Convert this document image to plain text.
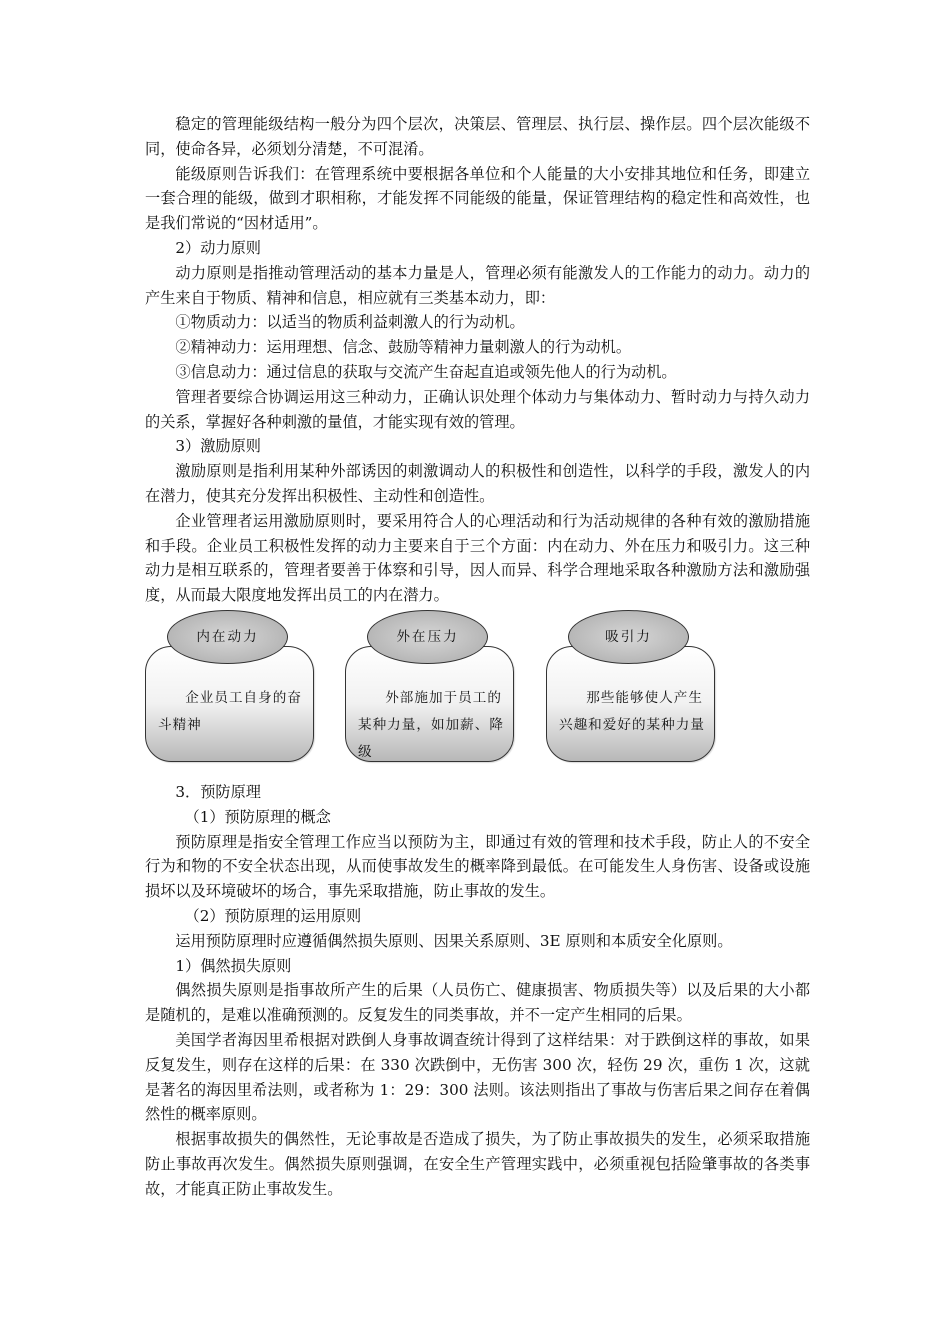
稳定的管理能级结构一般分为四个层次，决策层、管理层、执行层、操作层。四个层次能级不同，使命各异，必须划分清楚，不可混淆。

能级原则告诉我们：在管理系统中要根据各单位和个人能量的大小安排其地位和任务，即建立一套合理的能级，做到才职相称，才能发挥不同能级的能量，保证管理结构的稳定性和高效性，也是我们常说的“因材适用”。

2）动力原则

动力原则是指推动管理活动的基本力量是人，管理必须有能激发人的工作能力的动力。动力的产生来自于物质、精神和信息，相应就有三类基本动力，即：

①物质动力：以适当的物质利益刺激人的行为动机。

②精神动力：运用理想、信念、鼓励等精神力量刺激人的行为动机。

③信息动力：通过信息的获取与交流产生奋起直追或领先他人的行为动机。

管理者要综合协调运用这三种动力，正确认识处理个体动力与集体动力、暂时动力与持久动力的关系，掌握好各种刺激的量值，才能实现有效的管理。

3）激励原则

激励原则是指利用某种外部诱因的刺激调动人的积极性和创造性，以科学的手段，激发人的内在潜力，使其充分发挥出积极性、主动性和创造性。

企业管理者运用激励原则时，要采用符合人的心理活动和行为活动规律的各种有效的激励措施和手段。企业员工积极性发挥的动力主要来自于三个方面：内在动力、外在压力和吸引力。这三种动力是相互联系的，管理者要善于体察和引导，因人而异、科学合理地采取各种激励方法和激励强度，从而最大限度地发挥出员工的内在潜力。

企业员工自身的奋斗精神
内在动力
外部施加于员工的某种力量，如加薪、降级
外在压力
那些能够使人产生兴趣和爱好的某种力量
吸引力

3．预防原理

（1）预防原理的概念

预防原理是指安全管理工作应当以预防为主，即通过有效的管理和技术手段，防止人的不安全行为和物的不安全状态出现，从而使事故发生的概率降到最低。在可能发生人身伤害、设备或设施损坏以及环境破坏的场合，事先采取措施，防止事故的发生。

（2）预防原理的运用原则

运用预防原理时应遵循偶然损失原则、因果关系原则、3E 原则和本质安全化原则。

1）偶然损失原则

偶然损失原则是指事故所产生的后果（人员伤亡、健康损害、物质损失等）以及后果的大小都是随机的，是难以准确预测的。反复发生的同类事故，并不一定产生相同的后果。

美国学者海因里希根据对跌倒人身事故调查统计得到了这样结果：对于跌倒这样的事故，如果反复发生，则存在这样的后果：在 330 次跌倒中，无伤害 300 次，轻伤 29 次，重伤 1 次，这就是著名的海因里希法则，或者称为 1：29：300 法则。该法则指出了事故与伤害后果之间存在着偶然性的概率原则。

根据事故损失的偶然性，无论事故是否造成了损失，为了防止事故损失的发生，必须采取措施防止事故再次发生。偶然损失原则强调，在安全生产管理实践中，必须重视包括险肇事故的各类事故，才能真正防止事故发生。
